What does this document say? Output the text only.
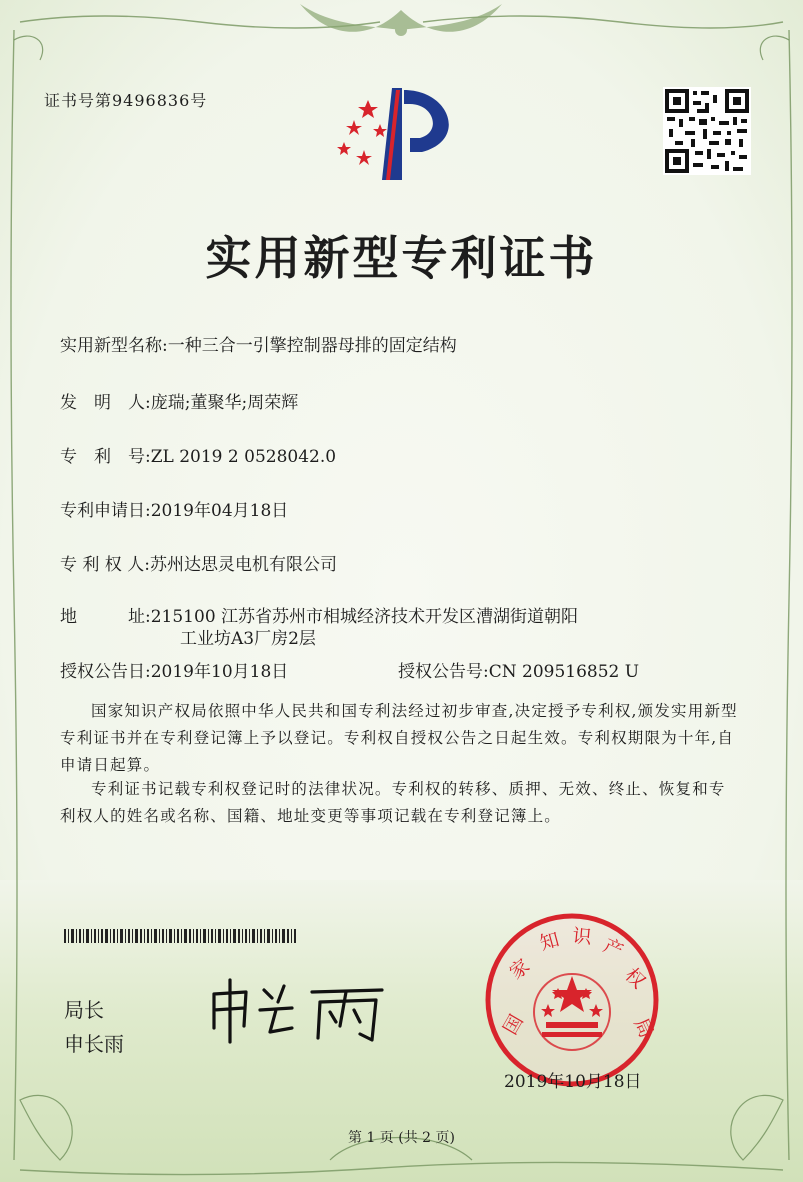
证书号第9496836号
实用新型专利证书
实用新型名称:一种三合一引擎控制器母排的固定结构
发　明　人:庞瑞;董聚华;周荣辉
专　利　号:ZL 2019 2 0528042.0
专利申请日:2019年04月18日
专 利 权 人:苏州达思灵电机有限公司
地　　　址:215100 江苏省苏州市相城经济技术开发区漕湖街道朝阳
工业坊A3厂房2层
授权公告日:2019年10月18日	授权公告号:CN 209516852 U
国家知识产权局依照中华人民共和国专利法经过初步审查,决定授予专利权,颁发实用新型专利证书并在专利登记簿上予以登记。专利权自授权公告之日起生效。专利权期限为十年,自申请日起算。
专利证书记载专利权登记时的法律状况。专利权的转移、质押、无效、终止、恢复和专利权人的姓名或名称、国籍、地址变更等事项记载在专利登记簿上。
局长
申长雨
国
家
知 识 产
权
局
2019年10月18日
第 1 页 (共 2 页)
